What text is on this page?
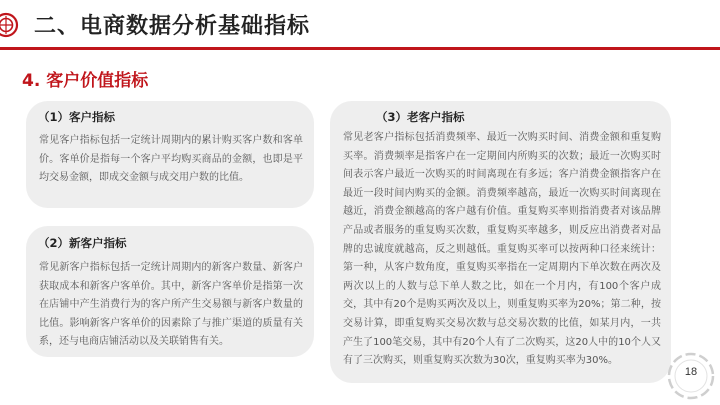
二、电商数据分析基础指标
4. 客户价值指标
（1）客户指标
常见客户指标包括一定统计周期内的累计购买客户数和客单价。客单价是指每一个客户平均购买商品的金额，也即是平均交易金额，即成交金额与成交用户数的比值。
（2）新客户指标
常见新客户指标包括一定统计周期内的新客户数量、新客户获取成本和新客户客单价。其中，新客户客单价是指第一次在店铺中产生消费行为的客户所产生交易额与新客户数量的比值。影响新客户客单价的因素除了与推广渠道的质量有关系，还与电商店铺活动以及关联销售有关。
（3）老客户指标
常见老客户指标包括消费频率、最近一次购买时间、消费金额和重复购买率。消费频率是指客户在一定期间内所购买的次数；最近一次购买时间表示客户最近一次购买的时间离现在有多远；客户消费金额指客户在最近一段时间内购买的金额。消费频率越高，最近一次购买时间离现在越近，消费金额越高的客户越有价值。重复购买率则指消费者对该品牌产品或者服务的重复购买次数，重复购买率越多，则反应出消费者对品牌的忠诚度就越高，反之则越低。重复购买率可以按两种口径来统计：第一种，从客户数角度，重复购买率指在一定周期内下单次数在两次及两次以上的人数与总下单人数之比，如在一个月内，有100个客户成交，其中有20个是购买两次及以上，则重复购买率为20%；第二种，按交易计算，即重复购买交易次数与总交易次数的比值，如某月内，一共产生了100笔交易，其中有20个人有了二次购买，这20人中的10个人又有了三次购买，则重复购买次数为30次，重复购买率为30%。
18
